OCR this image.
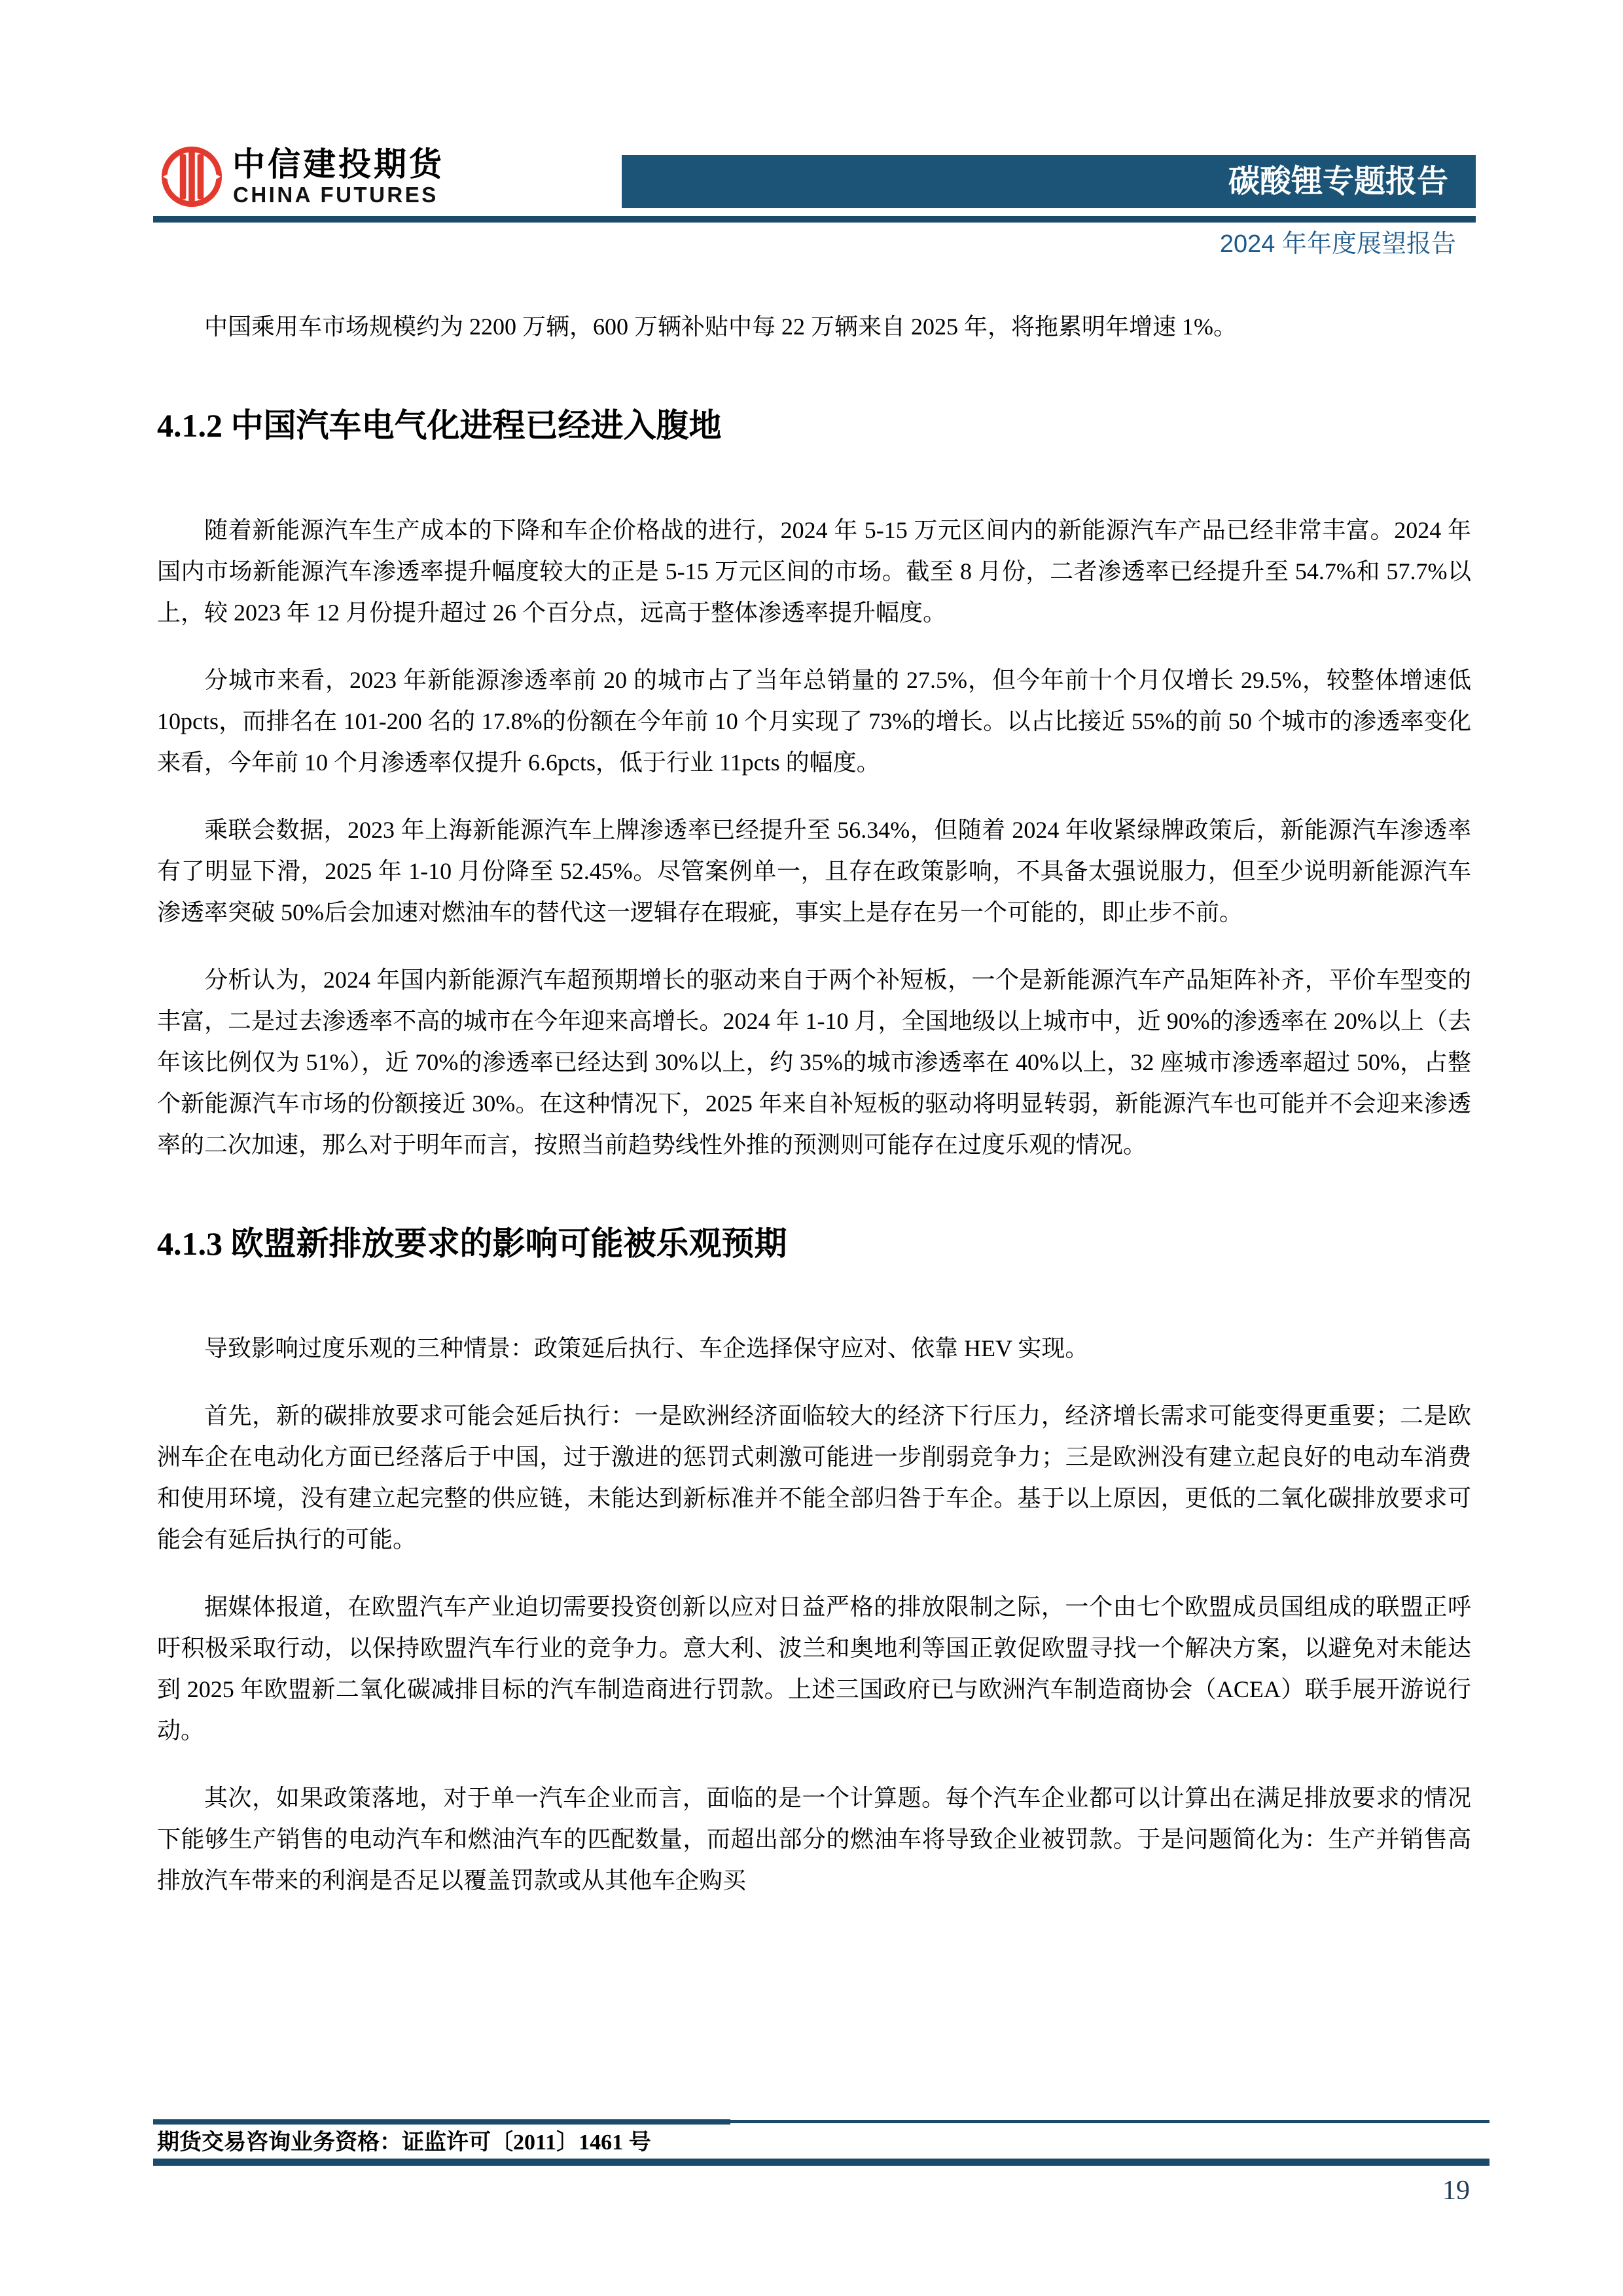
中信建投期货
CHINA FUTURES	碳酸锂专题报告
2024 年年度展望报告

中国乘用车市场规模约为 2200 万辆，600 万辆补贴中每 22 万辆来自 2025 年，将拖累明年增速 1%。

4.1.2 中国汽车电气化进程已经进入腹地

随着新能源汽车生产成本的下降和车企价格战的进行，2024 年 5-15 万元区间内的新能源汽车产品已经非常丰富。2024 年国内市场新能源汽车渗透率提升幅度较大的正是 5-15 万元区间的市场。截至 8 月份，二者渗透率已经提升至 54.7%和 57.7%以上，较 2023 年 12 月份提升超过 26 个百分点，远高于整体渗透率提升幅度。

分城市来看，2023 年新能源渗透率前 20 的城市占了当年总销量的 27.5%，但今年前十个月仅增长 29.5%，较整体增速低 10pcts，而排名在 101-200 名的 17.8%的份额在今年前 10 个月实现了 73%的增长。以占比接近 55%的前 50 个城市的渗透率变化来看，今年前 10 个月渗透率仅提升 6.6pcts，低于行业 11pcts 的幅度。

乘联会数据，2023 年上海新能源汽车上牌渗透率已经提升至 56.34%，但随着 2024 年收紧绿牌政策后，新能源汽车渗透率有了明显下滑，2025 年 1-10 月份降至 52.45%。尽管案例单一，且存在政策影响，不具备太强说服力，但至少说明新能源汽车渗透率突破 50%后会加速对燃油车的替代这一逻辑存在瑕疵，事实上是存在另一个可能的，即止步不前。

分析认为，2024 年国内新能源汽车超预期增长的驱动来自于两个补短板，一个是新能源汽车产品矩阵补齐，平价车型变的丰富，二是过去渗透率不高的城市在今年迎来高增长。2024 年 1-10 月，全国地级以上城市中，近 90%的渗透率在 20%以上（去年该比例仅为 51%），近 70%的渗透率已经达到 30%以上，约 35%的城市渗透率在 40%以上，32 座城市渗透率超过 50%，占整个新能源汽车市场的份额接近 30%。在这种情况下，2025 年来自补短板的驱动将明显转弱，新能源汽车也可能并不会迎来渗透率的二次加速，那么对于明年而言，按照当前趋势线性外推的预测则可能存在过度乐观的情况。

4.1.3 欧盟新排放要求的影响可能被乐观预期

导致影响过度乐观的三种情景：政策延后执行、车企选择保守应对、依靠 HEV 实现。

首先，新的碳排放要求可能会延后执行：一是欧洲经济面临较大的经济下行压力，经济增长需求可能变得更重要；二是欧洲车企在电动化方面已经落后于中国，过于激进的惩罚式刺激可能进一步削弱竞争力；三是欧洲没有建立起良好的电动车消费和使用环境，没有建立起完整的供应链，未能达到新标准并不能全部归咎于车企。基于以上原因，更低的二氧化碳排放要求可能会有延后执行的可能。

据媒体报道，在欧盟汽车产业迫切需要投资创新以应对日益严格的排放限制之际，一个由七个欧盟成员国组成的联盟正呼吁积极采取行动，以保持欧盟汽车行业的竞争力。意大利、波兰和奥地利等国正敦促欧盟寻找一个解决方案，以避免对未能达到 2025 年欧盟新二氧化碳减排目标的汽车制造商进行罚款。上述三国政府已与欧洲汽车制造商协会（ACEA）联手展开游说行动。

其次，如果政策落地，对于单一汽车企业而言，面临的是一个计算题。每个汽车企业都可以计算出在满足排放要求的情况下能够生产销售的电动汽车和燃油汽车的匹配数量，而超出部分的燃油车将导致企业被罚款。于是问题简化为：生产并销售高排放汽车带来的利润是否足以覆盖罚款或从其他车企购买

期货交易咨询业务资格：证监许可〔2011〕1461 号
19
